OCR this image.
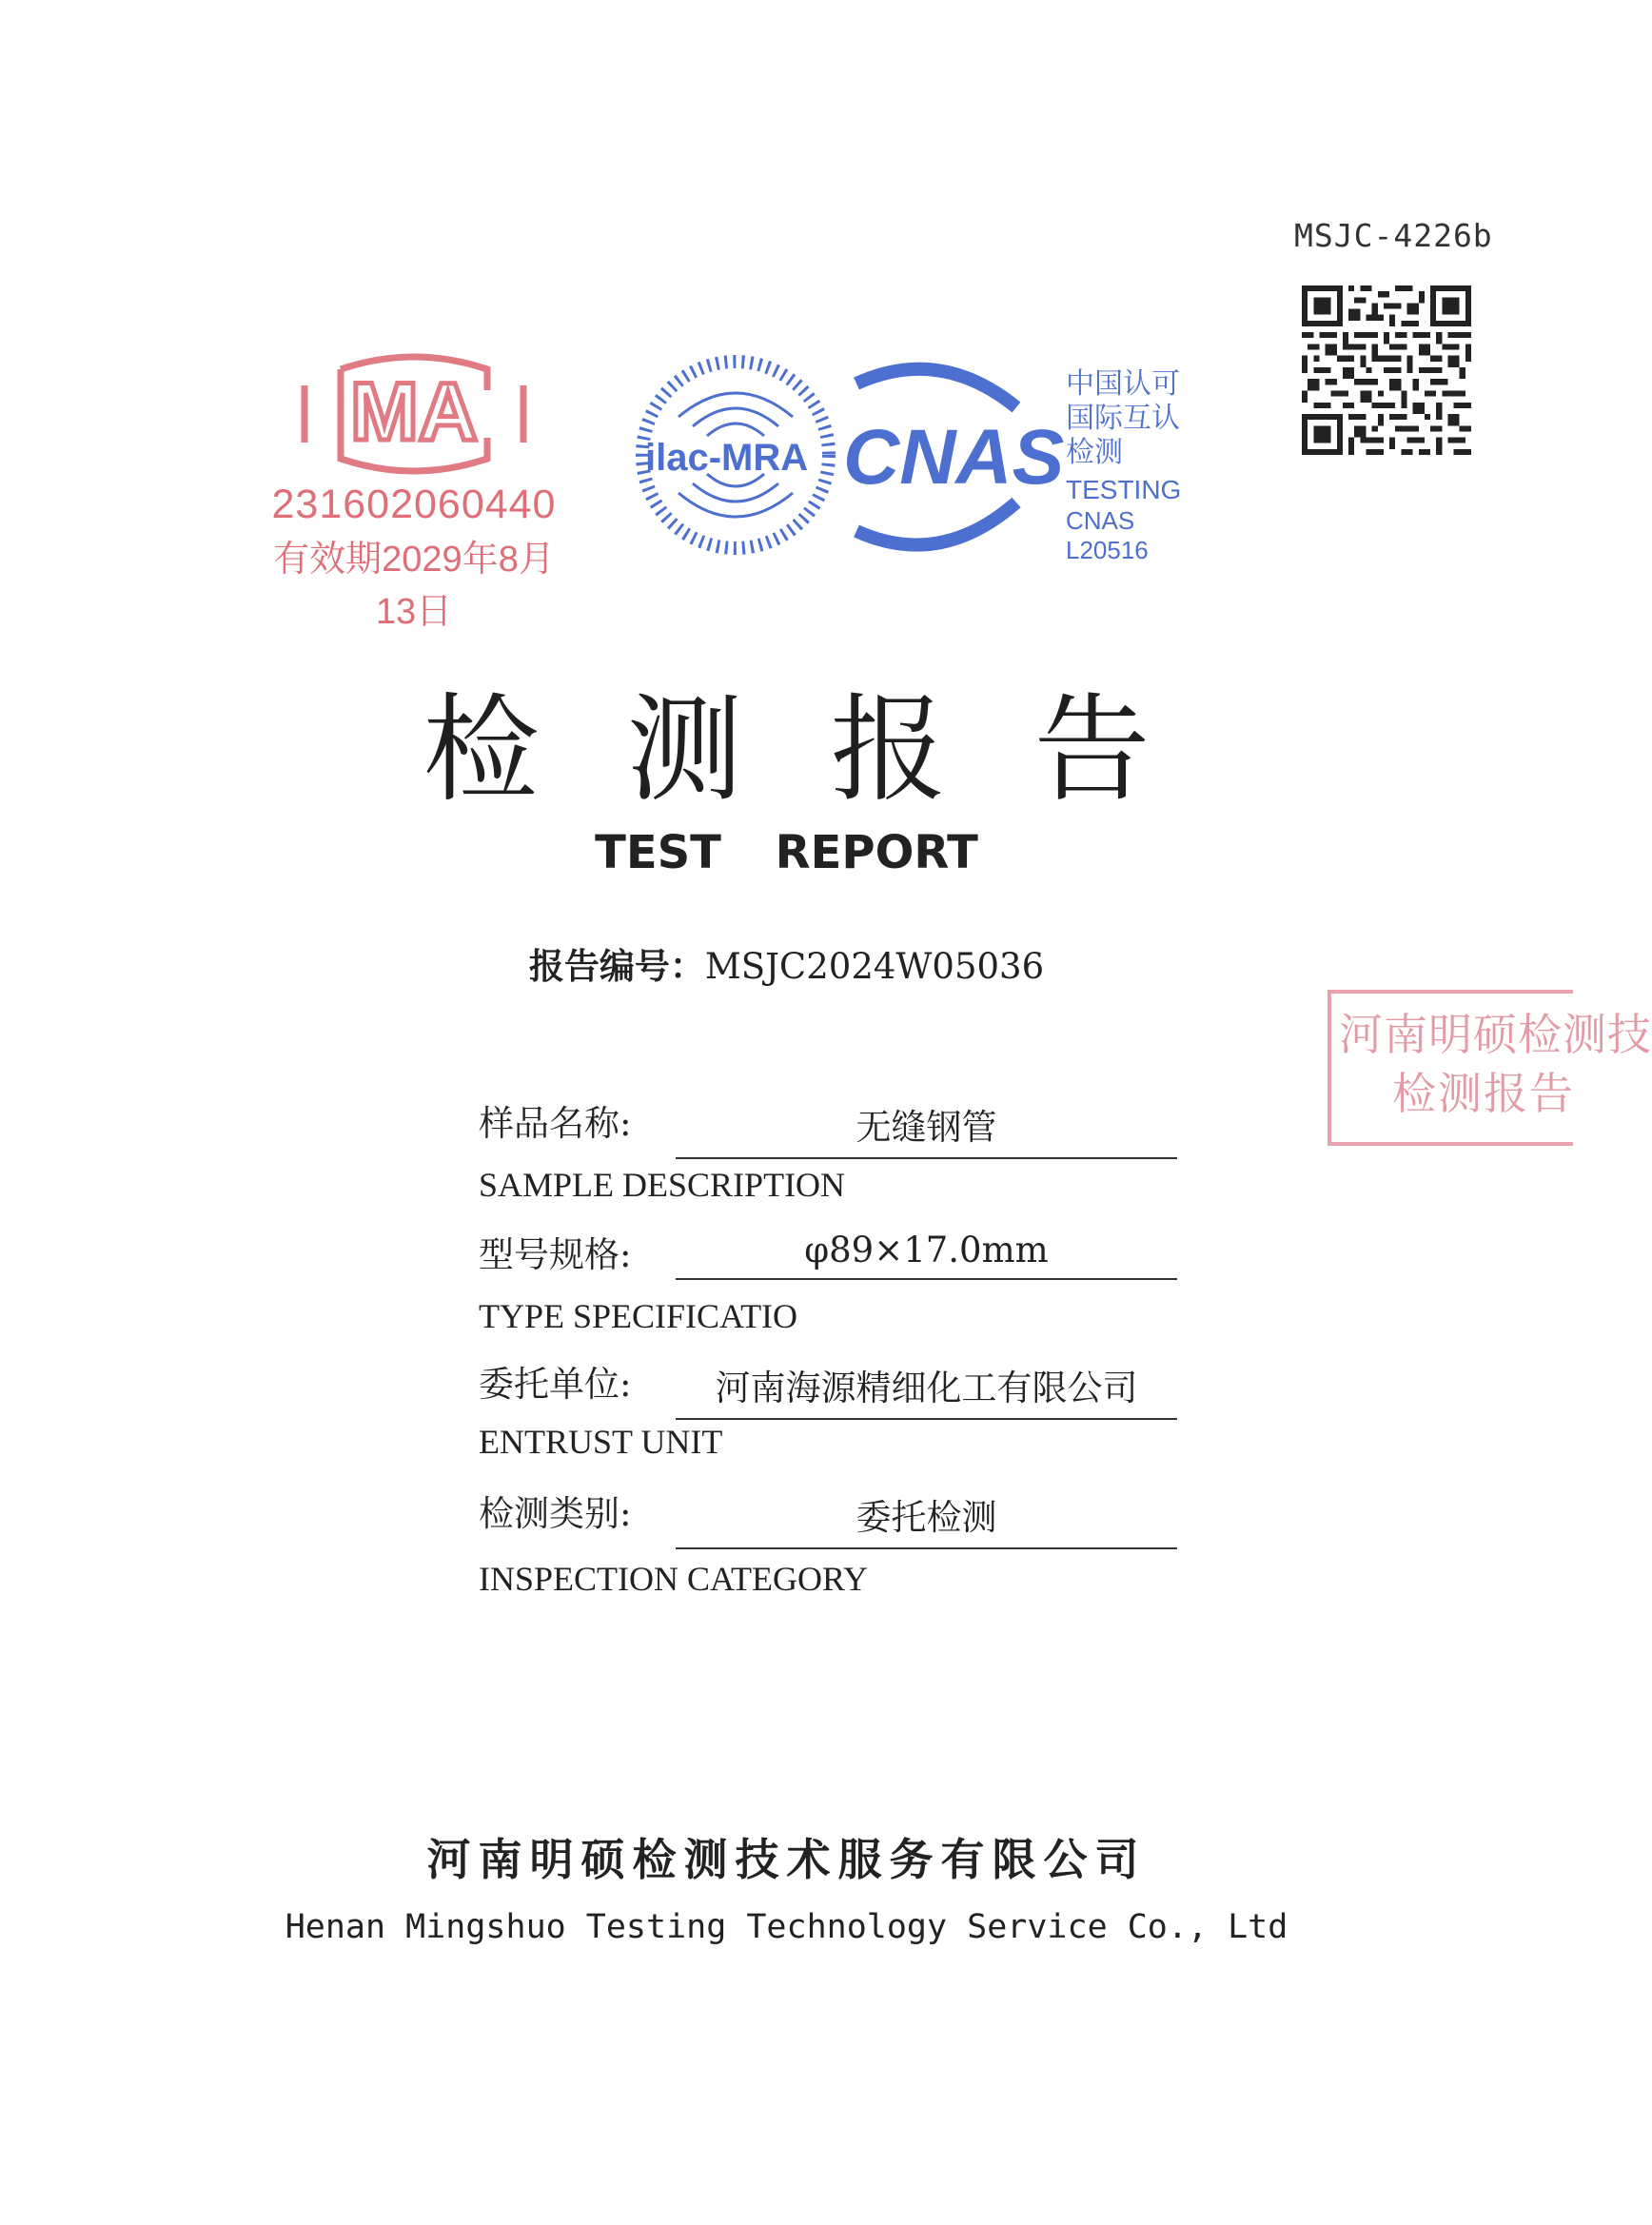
MSJC-4226b
MA
231602060440
有效期2029年8月13日
ilac-MRA CNAS
中国认可
国际互认
检测
TESTING
CNAS L20516
检测报告
TEST REPORT
报告编号：MSJC2024W05036
河南明硕检测技
检测报告
样品名称:	无缝钢管
SAMPLE DESCRIPTION
型号规格:	φ89×17.0mm
TYPE SPECIFICATIO
委托单位:	河南海源精细化工有限公司
ENTRUST UNIT
检测类别:	委托检测
INSPECTION CATEGORY
河南明硕检测技术服务有限公司
Henan Mingshuo Testing Technology Service Co., Ltd
